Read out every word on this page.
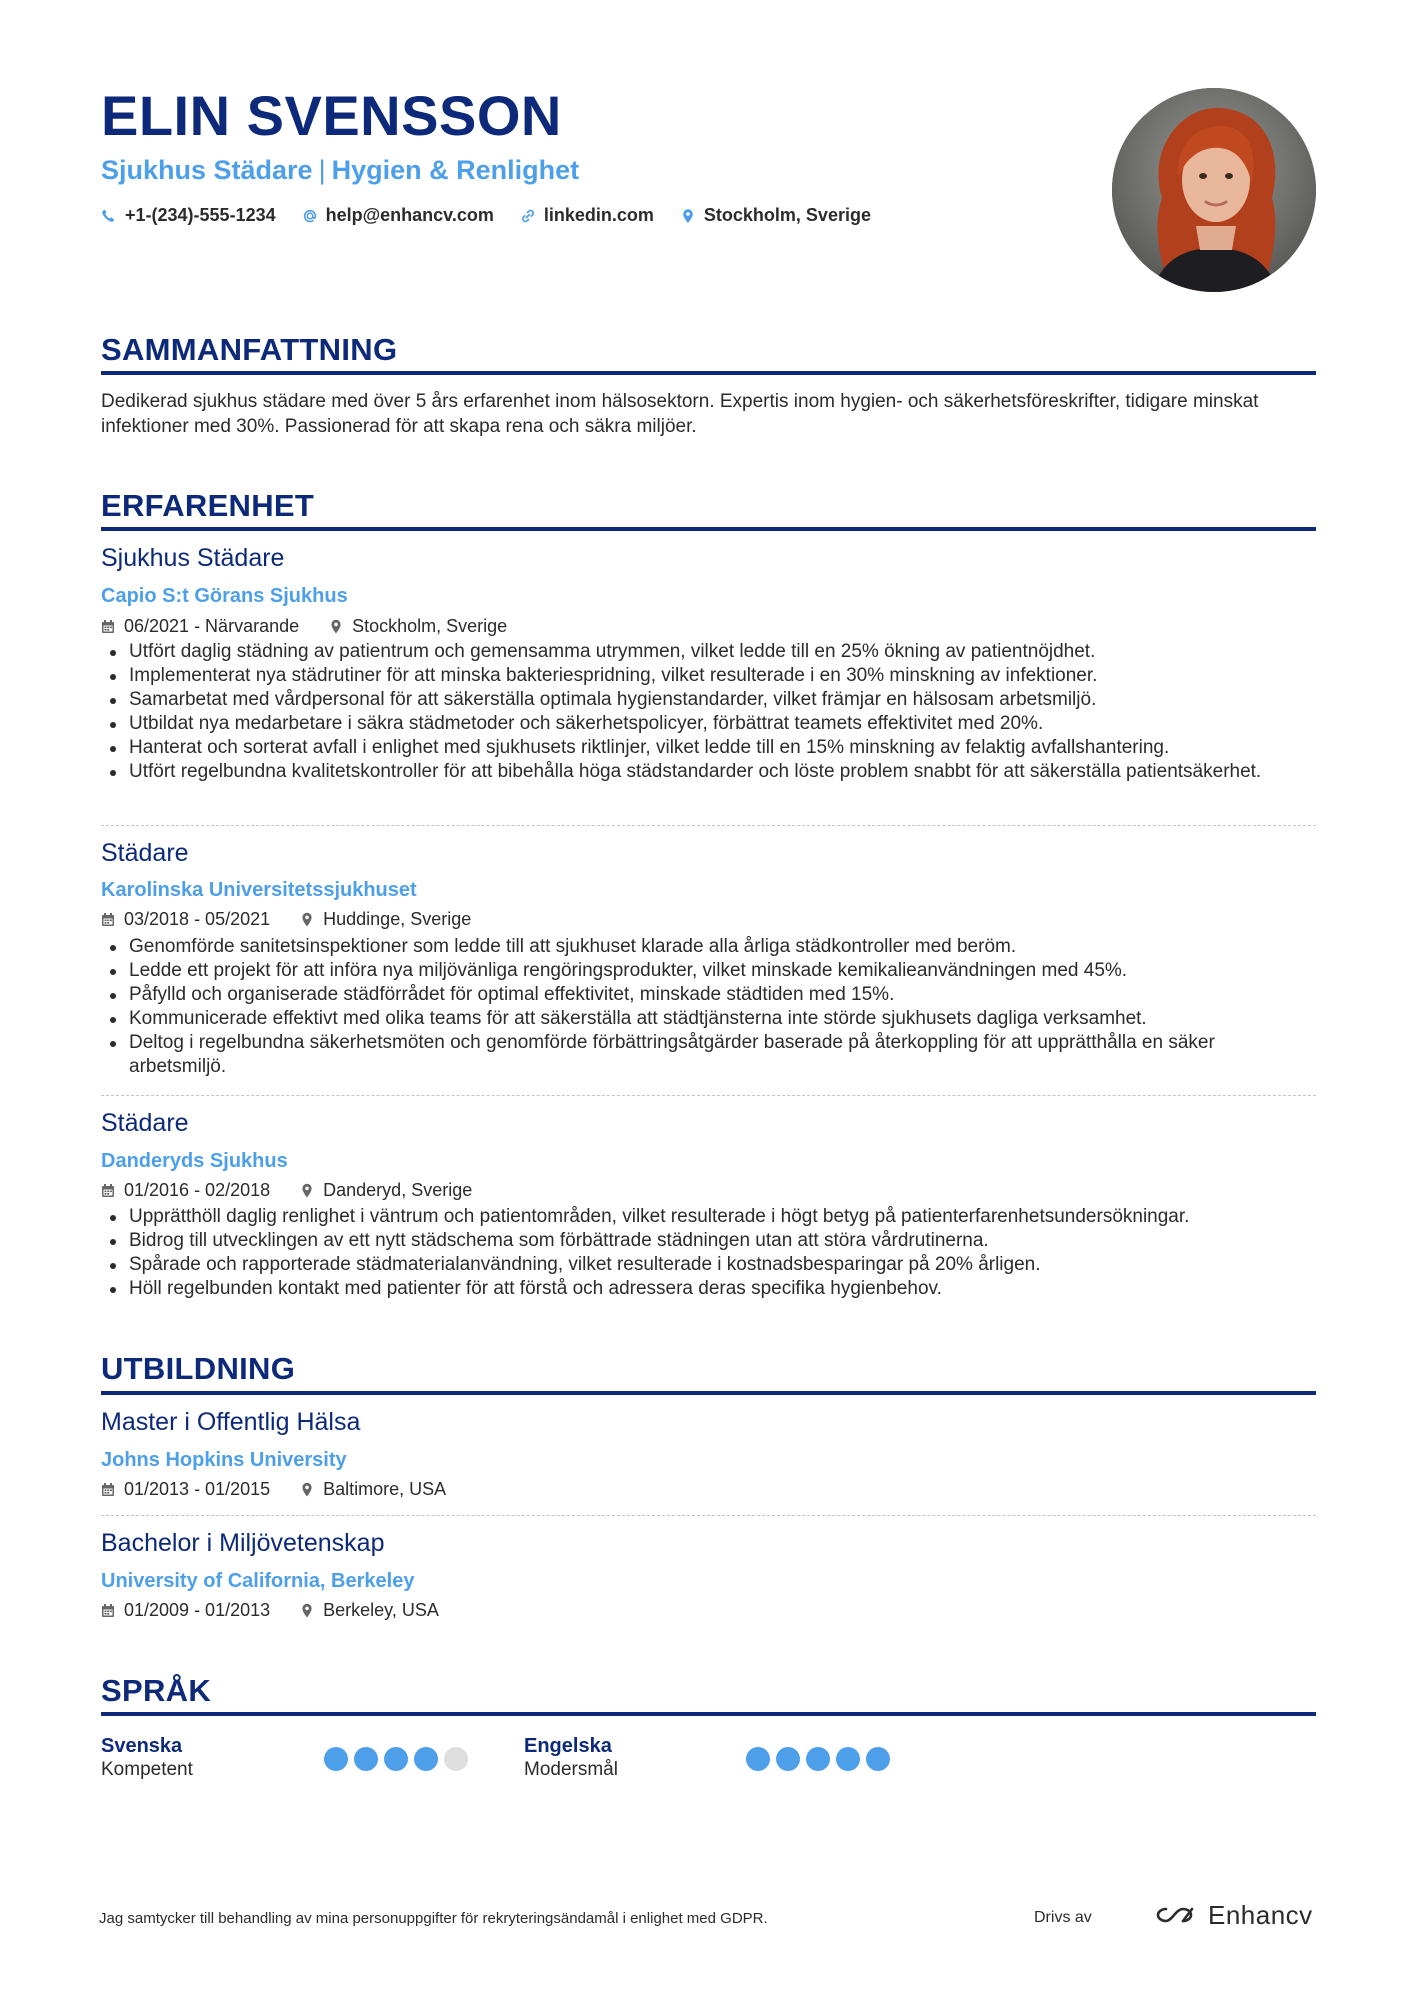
ELIN SVENSSON
Sjukhus Städare | Hygien & Renlighet
+1-(234)-555-1234	help@enhancv.com	linkedin.com	Stockholm, Sverige
SAMMANFATTNING
Dedikerad sjukhus städare med över 5 års erfarenhet inom hälsosektorn. Expertis inom hygien- och säkerhetsföreskrifter, tidigare minskat infektioner med 30%. Passionerad för att skapa rena och säkra miljöer.
ERFARENHET
Sjukhus Städare
Capio S:t Görans Sjukhus
06/2021 - Närvarande	Stockholm, Sverige
Utfört daglig städning av patientrum och gemensamma utrymmen, vilket ledde till en 25% ökning av patientnöjdhet.
Implementerat nya städrutiner för att minska bakteriespridning, vilket resulterade i en 30% minskning av infektioner.
Samarbetat med vårdpersonal för att säkerställa optimala hygienstandarder, vilket främjar en hälsosam arbetsmiljö.
Utbildat nya medarbetare i säkra städmetoder och säkerhetspolicyer, förbättrat teamets effektivitet med 20%.
Hanterat och sorterat avfall i enlighet med sjukhusets riktlinjer, vilket ledde till en 15% minskning av felaktig avfallshantering.
Utfört regelbundna kvalitetskontroller för att bibehålla höga städstandarder och löste problem snabbt för att säkerställa patientsäkerhet.
Städare
Karolinska Universitetssjukhuset
03/2018 - 05/2021	Huddinge, Sverige
Genomförde sanitetsinspektioner som ledde till att sjukhuset klarade alla årliga städkontroller med beröm.
Ledde ett projekt för att införa nya miljövänliga rengöringsprodukter, vilket minskade kemikalieanvändningen med 45%.
Påfylld och organiserade städförrådet för optimal effektivitet, minskade städtiden med 15%.
Kommunicerade effektivt med olika teams för att säkerställa att städtjänsterna inte störde sjukhusets dagliga verksamhet.
Deltog i regelbundna säkerhetsmöten och genomförde förbättringsåtgärder baserade på återkoppling för att upprätthålla en säker arbetsmiljö.
Städare
Danderyds Sjukhus
01/2016 - 02/2018	Danderyd, Sverige
Upprätthöll daglig renlighet i väntrum och patientområden, vilket resulterade i högt betyg på patienterfarenhetsundersökningar.
Bidrog till utvecklingen av ett nytt städschema som förbättrade städningen utan att störa vårdrutinerna.
Spårade och rapporterade städmaterialanvändning, vilket resulterade i kostnadsbesparingar på 20% årligen.
Höll regelbunden kontakt med patienter för att förstå och adressera deras specifika hygienbehov.
UTBILDNING
Master i Offentlig Hälsa
Johns Hopkins University
01/2013 - 01/2015	Baltimore, USA
Bachelor i Miljövetenskap
University of California, Berkeley
01/2009 - 01/2013	Berkeley, USA
SPRÅK
Svenska
Kompetent
Engelska
Modersmål
Jag samtycker till behandling av mina personuppgifter för rekryteringsändamål i enlighet med GDPR.	Drivs av	Enhancv
